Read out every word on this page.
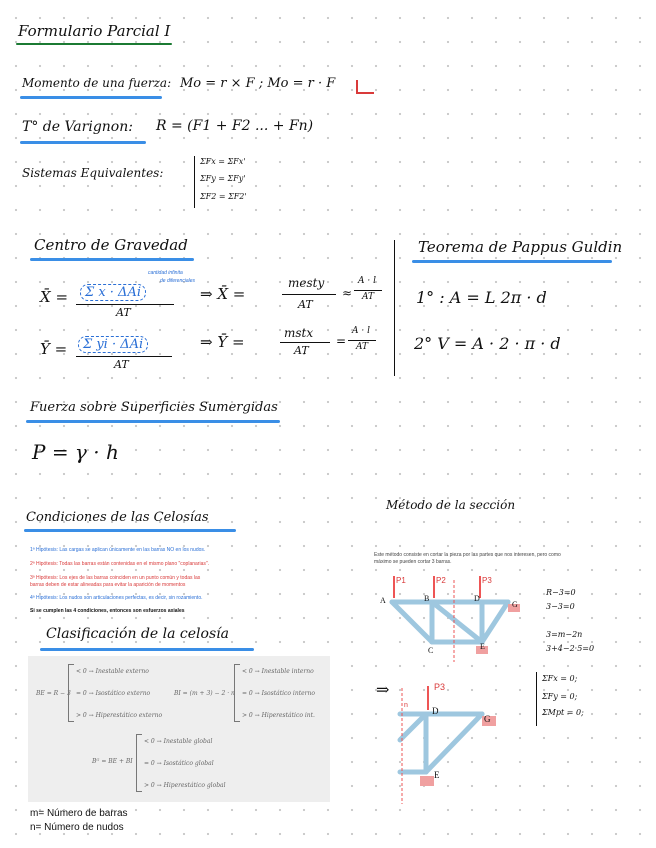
Formulario Parcial I
Momento de una fuerza: Mo = r × F ; Mo = r · F
T° de Varignon: R = (F1 + F2 ... + Fn)
Sistemas Equivalentes:
ΣFx = ΣFx'
ΣFy = ΣFy'
ΣF2 = ΣF2'
Centro de Gravedad
X̄ =	Σ x · ΔAi
AT
cantidad infinita
de diferenciales
⇒ X̄ =
mesty
AT
≈
A · l
AT
Ȳ =	Σ yi · ΔAi
AT
⇒ Ȳ =	mstx
AT
=
A · l
AT
Teorema de Pappus Guldin
1° : A = L 2π · d
2° V = A · 2 · π · d
Fuerza sobre Superficies Sumergidas
P = γ · h
Condiciones de las Celosías
1ª Hipótesis: Las cargas se aplican únicamente en las barras NO en los nudos.
2ª Hipótesis: Todas las barras están contenidas en el mismo plano "coplanarias".
3ª Hipótesis: Los ejes de las barras coinciden en un punto común y todas las
barras deben de estar alineadas para evitar la aparición de momentos
4ª Hipótesis: Los nudos son articulaciones perfectas, es decir, sin rozamiento.
Si se cumplen las 4 condiciones, entonces son esfuerzos axiales
Clasificación de la celosía
BE = R − 3
< 0 → Inestable externo
= 0 → Isostático externo
> 0 → Hiperestático externo
BI = (m + 3) − 2 · n
< 0 → Inestable interno
= 0 → Isostático interno
> 0 → Hiperestático int.
Bᴳ = BE + BI
< 0 → Inestable global
= 0 → Isostático global
> 0 → Hiperestático global
m= Número de barras
n= Número de nudos
Método de la sección
Este método consiste en cortar la pieza por las partes que nos interesen, pero como
máximo se pueden cortar 3 barras.
A	B	D
G
C	E
P1	P2	P3
R−3=0
3−3=0
3=m−2n
3+4−2·5=0
⇒	P3
D
G
E
n
ΣFx = 0;
ΣFy = 0;
ΣMpt = 0;
